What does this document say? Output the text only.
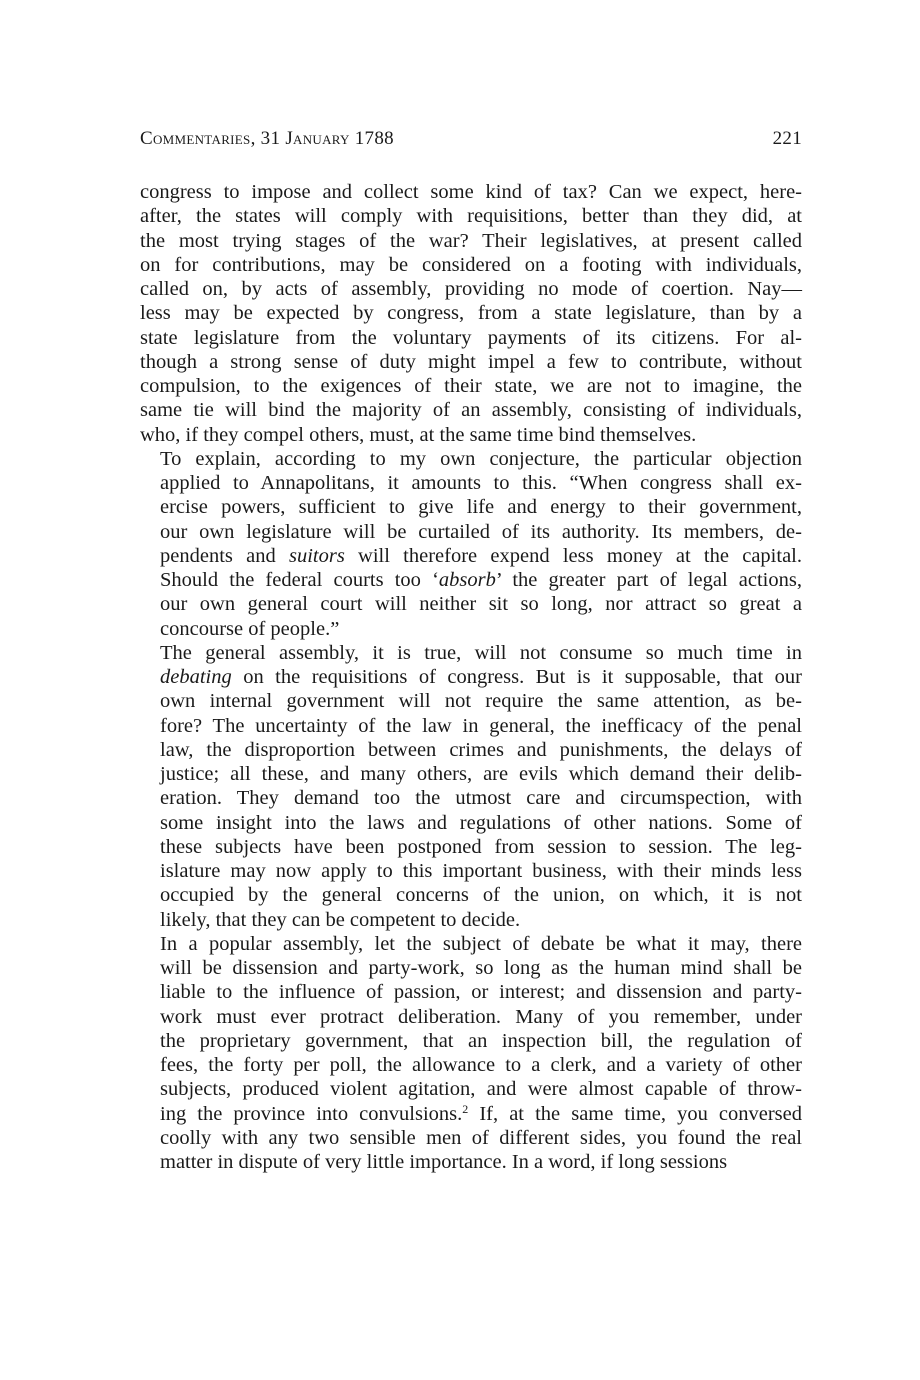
Commentaries, 31 January 1788	221

congress to impose and collect some kind of tax? Can we expect, here-
after, the states will comply with requisitions, better than they did, at
the most trying stages of the war? Their legislatives, at present called
on for contributions, may be considered on a footing with individuals,
called on, by acts of assembly, providing no mode of coertion. Nay—
less may be expected by congress, from a state legislature, than by a
state legislature from the voluntary payments of its citizens. For al-
though a strong sense of duty might impel a few to contribute, without
compulsion, to the exigences of their state, we are not to imagine, the
same tie will bind the majority of an assembly, consisting of individuals,
who, if they compel others, must, at the same time bind themselves.

To explain, according to my own conjecture, the particular objection
applied to Annapolitans, it amounts to this. “When congress shall ex-
ercise powers, sufficient to give life and energy to their government,
our own legislature will be curtailed of its authority. Its members, de-
pendents and suitors will therefore expend less money at the capital.
Should the federal courts too ‘absorb’ the greater part of legal actions,
our own general court will neither sit so long, nor attract so great a
concourse of people.”

The general assembly, it is true, will not consume so much time in
debating on the requisitions of congress. But is it supposable, that our
own internal government will not require the same attention, as be-
fore? The uncertainty of the law in general, the inefficacy of the penal
law, the disproportion between crimes and punishments, the delays of
justice; all these, and many others, are evils which demand their delib-
eration. They demand too the utmost care and circumspection, with
some insight into the laws and regulations of other nations. Some of
these subjects have been postponed from session to session. The leg-
islature may now apply to this important business, with their minds less
occupied by the general concerns of the union, on which, it is not
likely, that they can be competent to decide.

In a popular assembly, let the subject of debate be what it may, there
will be dissension and party-work, so long as the human mind shall be
liable to the influence of passion, or interest; and dissension and party-
work must ever protract deliberation. Many of you remember, under
the proprietary government, that an inspection bill, the regulation of
fees, the forty per poll, the allowance to a clerk, and a variety of other
subjects, produced violent agitation, and were almost capable of throw-
ing the province into convulsions.$^2$ If, at the same time, you conversed
coolly with any two sensible men of different sides, you found the real
matter in dispute of very little importance. In a word, if long sessions
